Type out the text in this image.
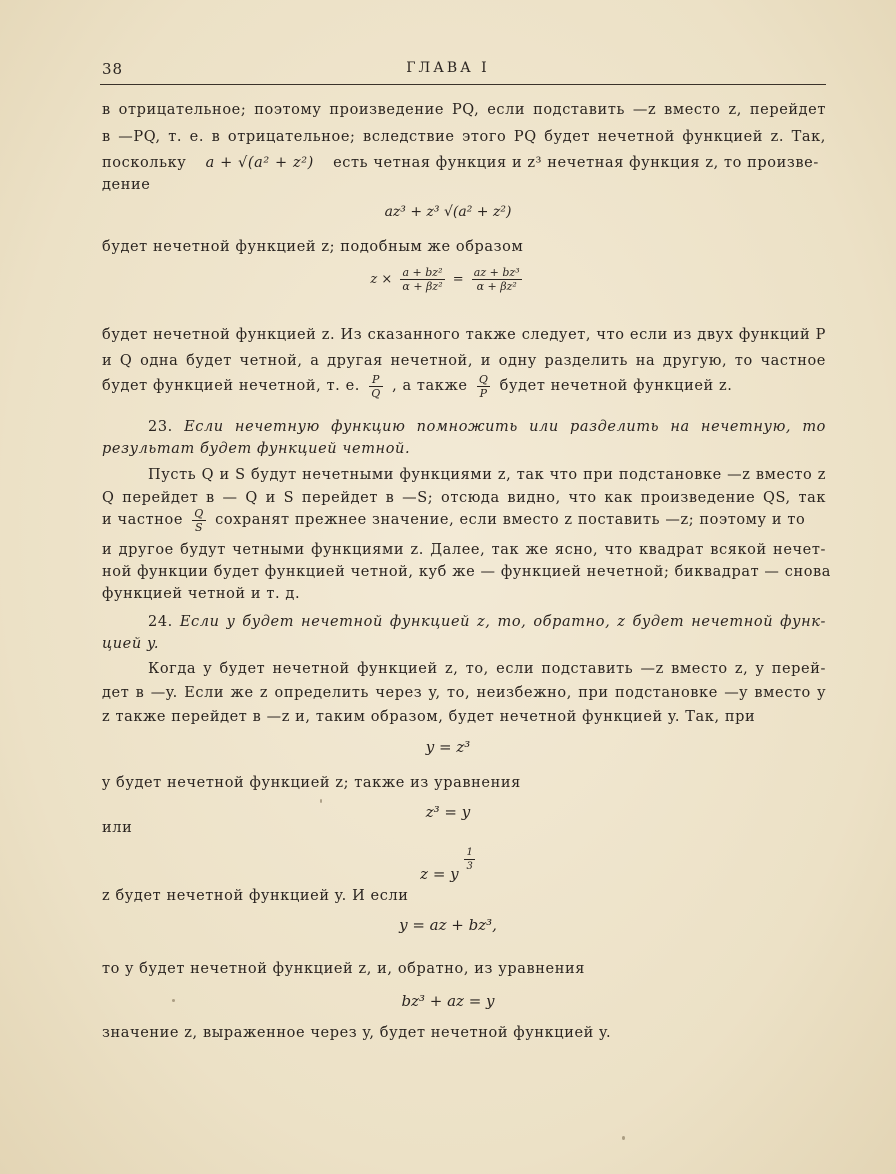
38	ГЛАВА I
в отрицательное; поэтому произведение PQ, если подставить —z вместо z, перейдет
в —PQ, т. е. в отрицательное; вследствие этого PQ будет нечетной функцией z. Так,
поскольку a + √(a² + z²) есть четная функция и z³ нечетная функция z, то произве-
дение
az³ + z³ √(a² + z²)
будет нечетной функцией z; подобным же образом
$z \times \frac{\text{a + bz²}}{\text{α + βz²}} = \frac{\text{az + bz³}}{\text{α + βz²}}$
будет нечетной функцией z. Из сказанного также следует, что если из двух функций P
и Q одна будет четной, а другая нечетной, и одну разделить на другую, то частное
будет функцией нечетной, т. е. $\frac{P}{Q}$ , а также $\frac{Q}{P}$ будет нечетной функцией z.
23. Если нечетную функцию помножить или разделить на нечетную, то
результат будет функцией четной.
Пусть Q и S будут нечетными функциями z, так что при подстановке —z вместо z
Q перейдет в — Q и S перейдет в —S; отсюда видно, что как произведение QS, так
и частное $\frac{Q}{S}$ сохранят прежнее значение, если вместо z поставить —z; поэтому и то
и другое будут четными функциями z. Далее, так же ясно, что квадрат всякой нечет-
ной функции будет функцией четной, куб же — функцией нечетной; биквадрат — снова
функцией четной и т. д.
24. Если y будет нечетной функцией z, то, обратно, z будет нечетной функ-
цией y.
Когда y будет нечетной функцией z, то, если подставить —z вместо z, y перей-
дет в —y. Если же z определить через y, то, неизбежно, при подстановке —y вместо y
z также перейдет в —z и, таким образом, будет нечетной функцией y. Так, при
y = z³
y будет нечетной функцией z; также из уравнения
z³ = y
или
z = y
$\frac{1}{3}$
z будет нечетной функцией y. И если
y = az + bz³,
то y будет нечетной функцией z, и, обратно, из уравнения
bz³ + az = y
значение z, выраженное через y, будет нечетной функцией y.
